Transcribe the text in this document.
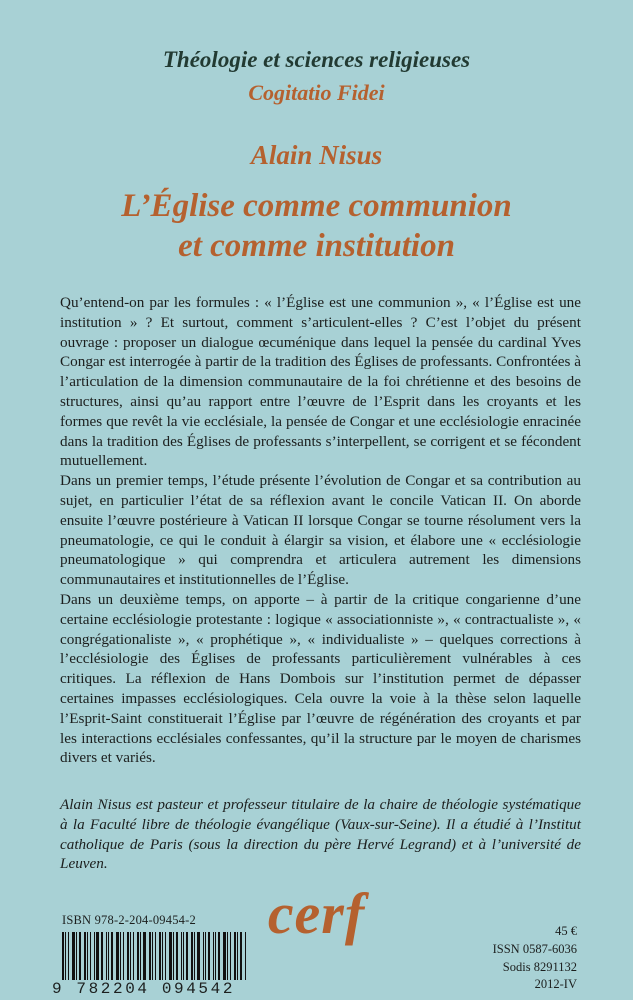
Théologie et sciences religieuses
Cogitatio Fidei
Alain Nisus
L’Église comme communion
et comme institution

Qu’entend-on par les formules : « l’Église est une communion », « l’Église est une institution » ? Et surtout, comment s’articulent-elles ? C’est l’objet du présent ouvrage : proposer un dialogue œcuménique dans lequel la pensée du cardinal Yves Congar est interrogée à partir de la tradition des Églises de professants. Confrontées à l’articulation de la dimension communautaire de la foi chrétienne et des besoins de structures, ainsi qu’au rapport entre l’œuvre de l’Esprit dans les croyants et les formes que revêt la vie ecclésiale, la pensée de Congar et une ecclésiologie enracinée dans la tradition des Églises de professants s’interpellent, se corrigent et se fécondent mutuellement.

Dans un premier temps, l’étude présente l’évolution de Congar et sa contribution au sujet, en particulier l’état de sa réflexion avant le concile Vatican II. On aborde ensuite l’œuvre postérieure à Vatican II lorsque Congar se tourne résolument vers la pneumatologie, ce qui le conduit à élargir sa vision, et élabore une « ecclésiologie pneumatologique » qui comprendra et articulera autrement les dimensions communautaires et institutionnelles de l’Église.

Dans un deuxième temps, on apporte – à partir de la critique congarienne d’une certaine ecclésiologie protestante : logique « associationniste », « contractualiste », « congrégationaliste », « prophétique », « individualiste » – quelques corrections à l’ecclésiologie des Églises de professants particulièrement vulnérables à ces critiques. La réflexion de Hans Dombois sur l’institution permet de dépasser certaines impasses ecclésiologiques. Cela ouvre la voie à la thèse selon laquelle l’Esprit-Saint constituerait l’Église par l’œuvre de régénération des croyants et par les interactions ecclésiales confessantes, qu’il la structure par le moyen de charismes divers et variés.

Alain Nisus est pasteur et professeur titulaire de la chaire de théologie systématique à la Faculté libre de théologie évangélique (Vaux-sur-Seine). Il a étudié à l’Institut catholique de Paris (sous la direction du père Hervé Legrand) et à l’université de Leuven.

ISBN 978-2-204-09454-2
9 782204 094542
cerf	45 €
ISSN 0587-6036
Sodis 8291132
2012-IV
